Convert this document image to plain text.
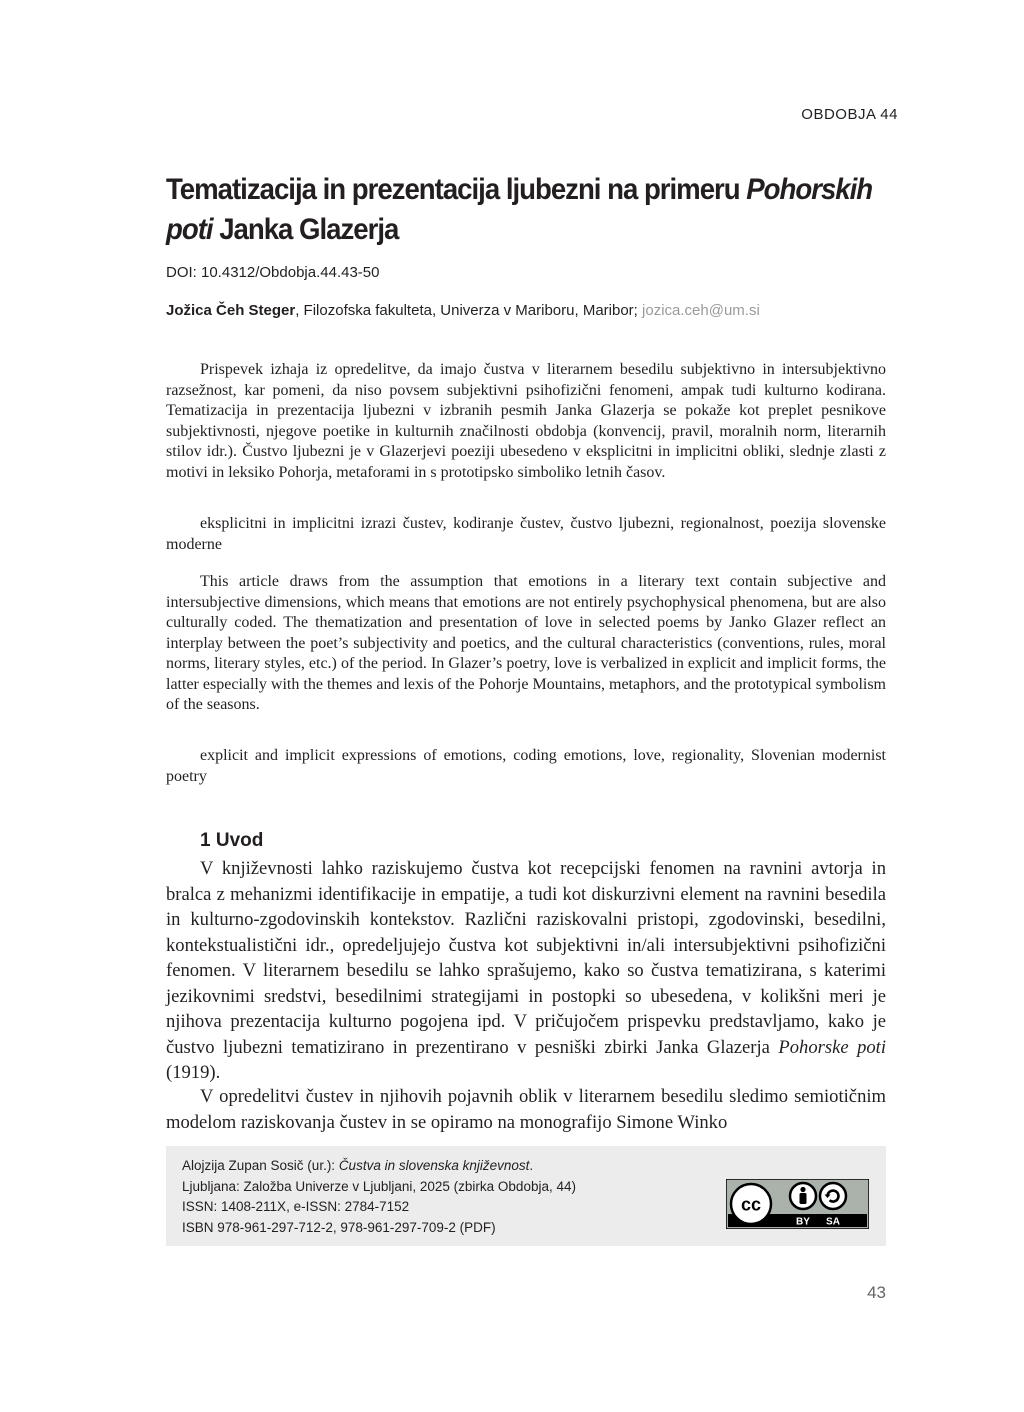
OBDOBJA 44
Tematizacija in prezentacija ljubezni na primeru Pohorskih poti Janka Glazerja
DOI: 10.4312/Obdobja.44.43-50
Jožica Čeh Steger, Filozofska fakulteta, Univerza v Mariboru, Maribor; jozica.ceh@um.si

Prispevek izhaja iz opredelitve, da imajo čustva v literarnem besedilu subjektivno in intersubjektivno razsežnost, kar pomeni, da niso povsem subjektivni psihofizični fenomeni, ampak tudi kulturno kodirana. Tematizacija in prezentacija ljubezni v izbranih pesmih Janka Glazerja se pokaže kot preplet pesnikove subjektivnosti, njegove poetike in kulturnih značilnosti obdobja (konvencij, pravil, moralnih norm, literarnih stilov idr.). Čustvo ljubezni je v Glazerjevi poeziji ubesedeno v eksplicitni in implicitni obliki, slednje zlasti z motivi in leksiko Pohorja, metaforami in s prototipsko simboliko letnih časov.

eksplicitni in implicitni izrazi čustev, kodiranje čustev, čustvo ljubezni, regionalnost, poezija slovenske moderne

This article draws from the assumption that emotions in a literary text contain subjective and intersubjective dimensions, which means that emotions are not entirely psychophysical phenomena, but are also culturally coded. The thematization and presentation of love in selected poems by Janko Glazer reflect an interplay between the poet’s subjectivity and poetics, and the cultural characteristics (conventions, rules, moral norms, literary styles, etc.) of the period. In Glazer’s poetry, love is verbalized in explicit and implicit forms, the latter especially with the themes and lexis of the Pohorje Mountains, metaphors, and the prototypical symbolism of the seasons.

explicit and implicit expressions of emotions, coding emotions, love, regionality, Slovenian modernist poetry

1 Uvod

V književnosti lahko raziskujemo čustva kot recepcijski fenomen na ravnini avtorja in bralca z mehanizmi identifikacije in empatije, a tudi kot diskurzivni element na ravnini besedila in kulturno-zgodovinskih kontekstov. Različni raziskovalni pristopi, zgodovinski, besedilni, kontekstualistični idr., opredeljujejo čustva kot subjektivni in/ali intersubjektivni psihofizični fenomen. V literarnem besedilu se lahko sprašujemo, kako so čustva tematizirana, s katerimi jezikovnimi sredstvi, besedilnimi strategijami in postopki so ubesedena, v kolikšni meri je njihova prezentacija kulturno pogojena ipd. V pričujočem prispevku predstavljamo, kako je čustvo ljubezni tematizirano in prezentirano v pesniški zbirki Janka Glazerja Pohorske poti (1919).

V opredelitvi čustev in njihovih pojavnih oblik v literarnem besedilu sledimo semiotičnim modelom raziskovanja čustev in se opiramo na monografijo Simone Winko

Alojzija Zupan Sosič (ur.): Čustva in slovenska književnost.
Ljubljana: Založba Univerze v Ljubljani, 2025 (zbirka Obdobja, 44)
ISSN: 1408-211X, e-ISSN: 2784-7152
ISBN 978-961-297-712-2, 978-961-297-709-2 (PDF)
cc
BY SA
43
